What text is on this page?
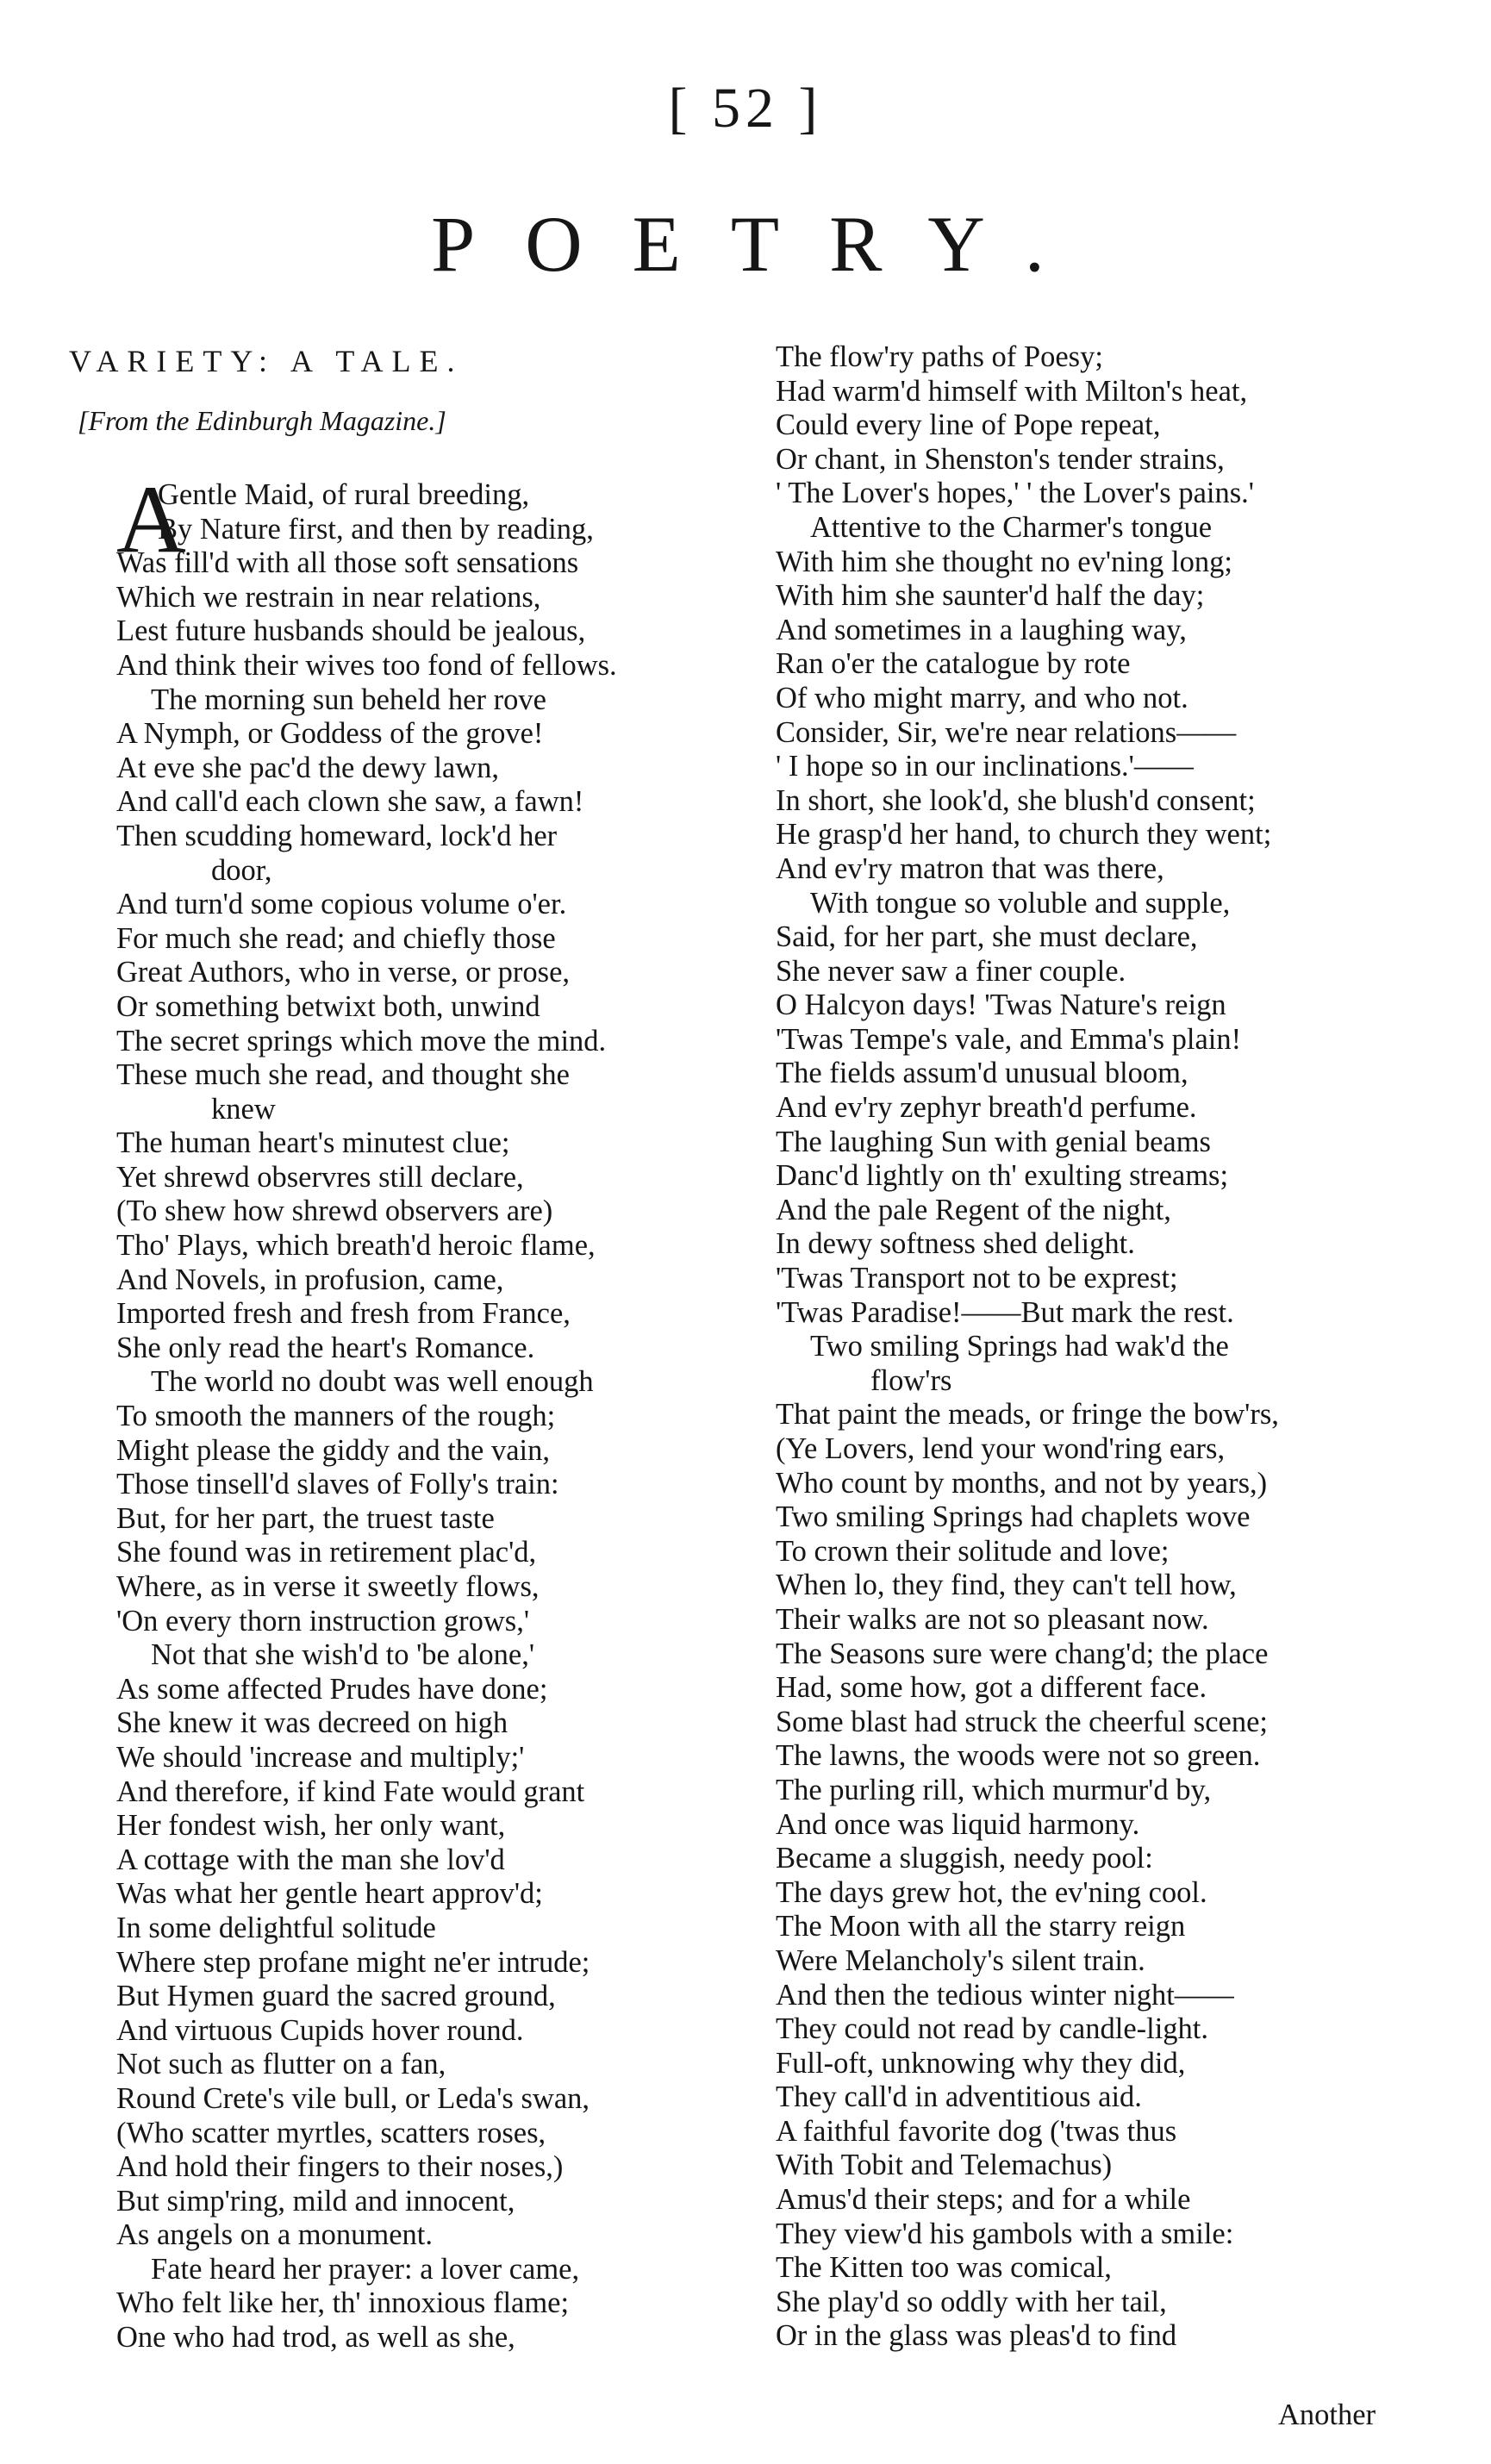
[ 52 ]
POETRY.
VARIETY: A TALE.
[From the Edinburgh Magazine.]
A
Gentle Maid, of rural breeding,
By Nature first, and then by reading,
Was fill'd with all those soft sensations
Which we restrain in near relations,
Lest future husbands should be jealous,
And think their wives too fond of fellows.
The morning sun beheld her rove
A Nymph, or Goddess of the grove!
At eve she pac'd the dewy lawn,
And call'd each clown she saw, a fawn!
Then scudding homeward, lock'd her
door,
And turn'd some copious volume o'er.
For much she read; and chiefly those
Great Authors, who in verse, or prose,
Or something betwixt both, unwind
The secret springs which move the mind.
These much she read, and thought she
knew
The human heart's minutest clue;
Yet shrewd observres still declare,
(To shew how shrewd observers are)
Tho' Plays, which breath'd heroic flame,
And Novels, in profusion, came,
Imported fresh and fresh from France,
She only read the heart's Romance.
The world no doubt was well enough
To smooth the manners of the rough;
Might please the giddy and the vain,
Those tinsell'd slaves of Folly's train:
But, for her part, the truest taste
She found was in retirement plac'd,
Where, as in verse it sweetly flows,
'On every thorn instruction grows,'
Not that she wish'd to 'be alone,'
As some affected Prudes have done;
She knew it was decreed on high
We should 'increase and multiply;'
And therefore, if kind Fate would grant
Her fondest wish, her only want,
A cottage with the man she lov'd
Was what her gentle heart approv'd;
In some delightful solitude
Where step profane might ne'er intrude;
But Hymen guard the sacred ground,
And virtuous Cupids hover round.
Not such as flutter on a fan,
Round Crete's vile bull, or Leda's swan,
(Who scatter myrtles, scatters roses,
And hold their fingers to their noses,)
But simp'ring, mild and innocent,
As angels on a monument.
Fate heard her prayer: a lover came,
Who felt like her, th' innoxious flame;
One who had trod, as well as she,
The flow'ry paths of Poesy;
Had warm'd himself with Milton's heat,
Could every line of Pope repeat,
Or chant, in Shenston's tender strains,
' The Lover's hopes,' ' the Lover's pains.'
Attentive to the Charmer's tongue
With him she thought no ev'ning long;
With him she saunter'd half the day;
And sometimes in a laughing way,
Ran o'er the catalogue by rote
Of who might marry, and who not.
Consider, Sir, we're near relations——
' I hope so in our inclinations.'——
In short, she look'd, she blush'd consent;
He grasp'd her hand, to church they went;
And ev'ry matron that was there,
With tongue so voluble and supple,
Said, for her part, she must declare,
She never saw a finer couple.
O Halcyon days! 'Twas Nature's reign
'Twas Tempe's vale, and Emma's plain!
The fields assum'd unusual bloom,
And ev'ry zephyr breath'd perfume.
The laughing Sun with genial beams
Danc'd lightly on th' exulting streams;
And the pale Regent of the night,
In dewy softness shed delight.
'Twas Transport not to be exprest;
'Twas Paradise!——But mark the rest.
Two smiling Springs had wak'd the
flow'rs
That paint the meads, or fringe the bow'rs,
(Ye Lovers, lend your wond'ring ears,
Who count by months, and not by years,)
Two smiling Springs had chaplets wove
To crown their solitude and love;
When lo, they find, they can't tell how,
Their walks are not so pleasant now.
The Seasons sure were chang'd; the place
Had, some how, got a different face.
Some blast had struck the cheerful scene;
The lawns, the woods were not so green.
The purling rill, which murmur'd by,
And once was liquid harmony.
Became a sluggish, needy pool:
The days grew hot, the ev'ning cool.
The Moon with all the starry reign
Were Melancholy's silent train.
And then the tedious winter night——
They could not read by candle-light.
Full-oft, unknowing why they did,
They call'd in adventitious aid.
A faithful favorite dog ('twas thus
With Tobit and Telemachus)
Amus'd their steps; and for a while
They view'd his gambols with a smile:
The Kitten too was comical,
She play'd so oddly with her tail,
Or in the glass was pleas'd to find
Another
